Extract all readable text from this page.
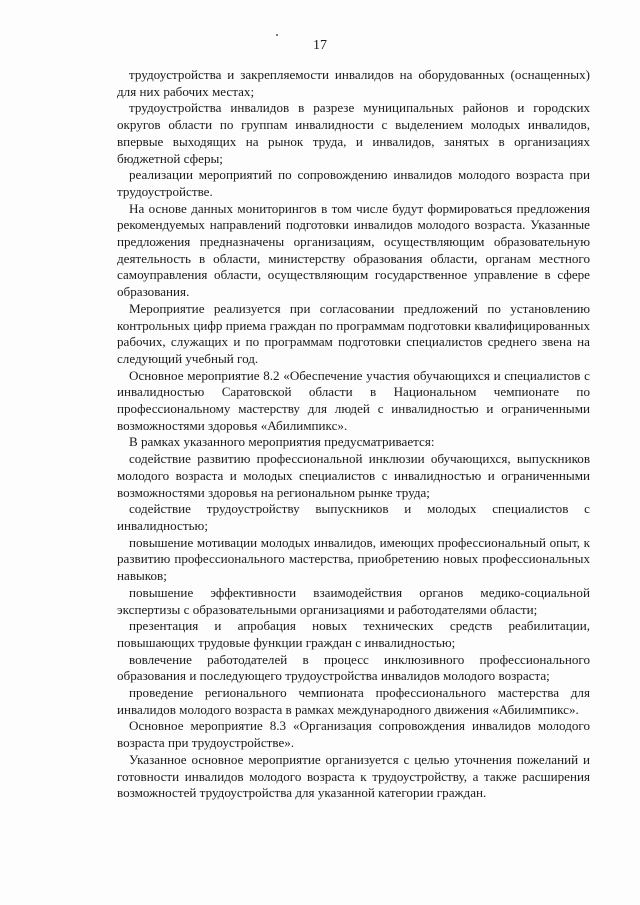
17

трудоустройства и закрепляемости инвалидов на оборудованных (оснащенных) для них рабочих местах;

трудоустройства инвалидов в разрезе муниципальных районов и городских округов области по группам инвалидности с выделением молодых инвалидов, впервые выходящих на рынок труда, и инвалидов, занятых в организациях бюджетной сферы;

реализации мероприятий по сопровождению инвалидов молодого возраста при трудоустройстве.

На основе данных мониторингов в том числе будут формироваться предложения рекомендуемых направлений подготовки инвалидов молодого возраста. Указанные предложения предназначены организациям, осуществляющим образовательную деятельность в области, министерству образования области, органам местного самоуправления области, осуществляющим государственное управление в сфере образования.

Мероприятие реализуется при согласовании предложений по установлению контрольных цифр приема граждан по программам подготовки квалифицированных рабочих, служащих и по программам подготовки специалистов среднего звена на следующий учебный год.

Основное мероприятие 8.2 «Обеспечение участия обучающихся и специалистов с инвалидностью Саратовской области в Национальном чемпионате по профессиональному мастерству для людей с инвалидностью и ограниченными возможностями здоровья «Абилимпикс».

В рамках указанного мероприятия предусматривается:

содействие развитию профессиональной инклюзии обучающихся, выпускников молодого возраста и молодых специалистов с инвалидностью и ограниченными возможностями здоровья на региональном рынке труда;

содействие трудоустройству выпускников и молодых специалистов с инвалидностью;

повышение мотивации молодых инвалидов, имеющих профессиональный опыт, к развитию профессионального мастерства, приобретению новых профессиональных навыков;

повышение эффективности взаимодействия органов медико-социальной экспертизы с образовательными организациями и работодателями области;

презентация и апробация новых технических средств реабилитации, повышающих трудовые функции граждан с инвалидностью;

вовлечение работодателей в процесс инклюзивного профессионального образования и последующего трудоустройства инвалидов молодого возраста;

проведение регионального чемпионата профессионального мастерства для инвалидов молодого возраста в рамках международного движения «Абилимпикс».

Основное мероприятие 8.3 «Организация сопровождения инвалидов молодого возраста при трудоустройстве».

Указанное основное мероприятие организуется с целью уточнения пожеланий и готовности инвалидов молодого возраста к трудоустройству, а также расширения возможностей трудоустройства для указанной категории граждан.
